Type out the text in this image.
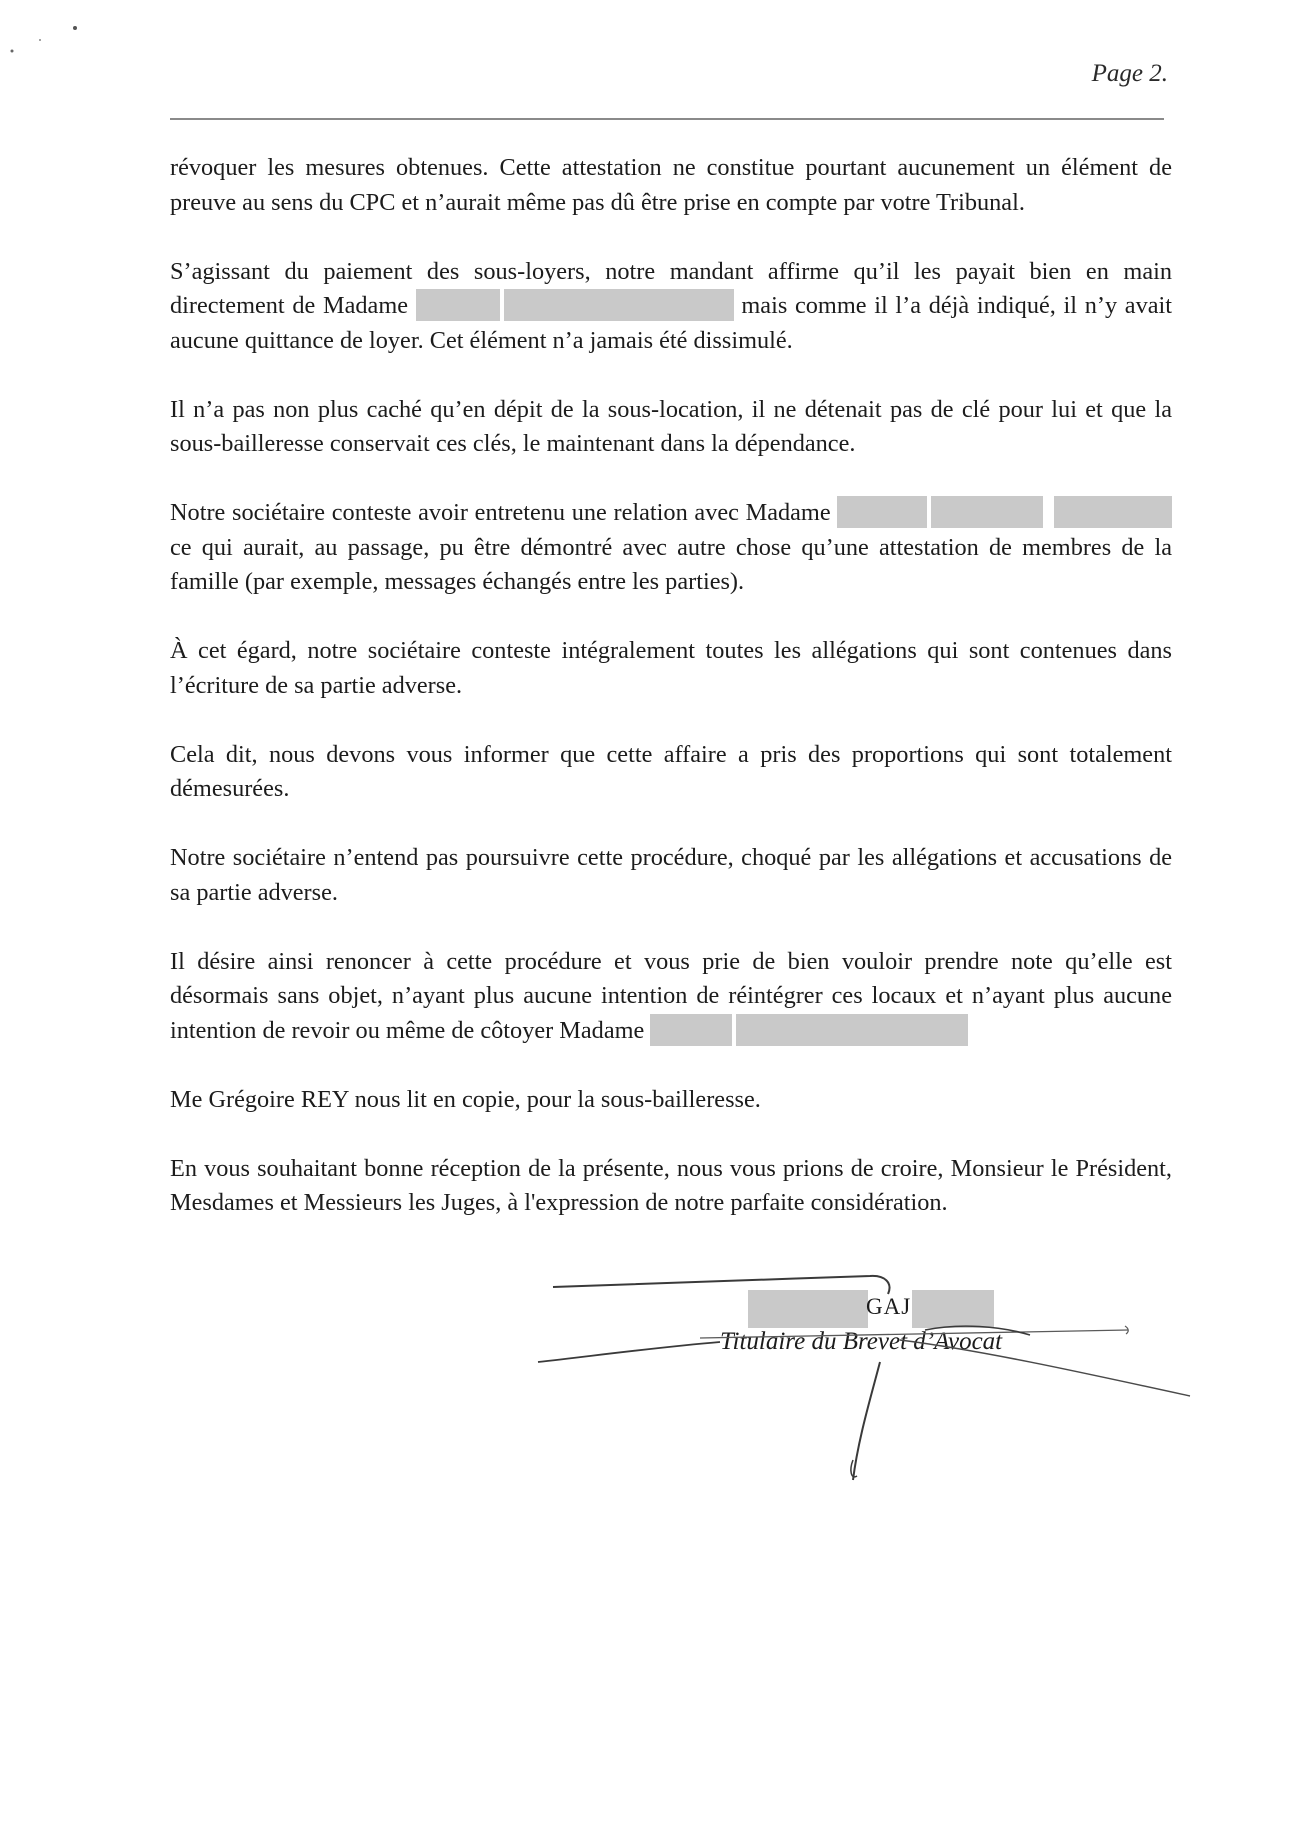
Page 2.

révoquer les mesures obtenues. Cette attestation ne constitue pourtant aucunement un élément de preuve au sens du CPC et n’aurait même pas dû être prise en compte par votre Tribunal.

S’agissant du paiement des sous-loyers, notre mandant affirme qu’il les payait bien en main directement de Madame	mais comme il l’a déjà indiqué, il n’y avait aucune quittance de loyer. Cet élément n’a jamais été dissimulé.

Il n’a pas non plus caché qu’en dépit de la sous-location, il ne détenait pas de clé pour lui et que la sous-bailleresse conservait ces clés, le maintenant dans la dépendance.

Notre sociétaire conteste avoir entretenu une relation avec Madame   ce qui aurait, au passage, pu être démontré avec autre chose qu’une attestation de membres de la famille (par exemple, messages échangés entre les parties).

À cet égard, notre sociétaire conteste intégralement toutes les allégations qui sont contenues dans l’écriture de sa partie adverse.

Cela dit, nous devons vous informer que cette affaire a pris des proportions qui sont totalement démesurées.

Notre sociétaire n’entend pas poursuivre cette procédure, choqué par les allégations et accusations de sa partie adverse.

Il désire ainsi renoncer à cette procédure et vous prie de bien vouloir prendre note qu’elle est désormais sans objet, n’ayant plus aucune intention de réintégrer ces locaux et n’ayant plus aucune intention de revoir ou même de côtoyer Madame

Me Grégoire REY nous lit en copie, pour la sous-bailleresse.

En vous souhaitant bonne réception de la présente, nous vous prions de croire, Monsieur le Président, Mesdames et Messieurs les Juges, à l'expression de notre parfaite considération.

GAJ
Titulaire du Brevet d’Avocat
